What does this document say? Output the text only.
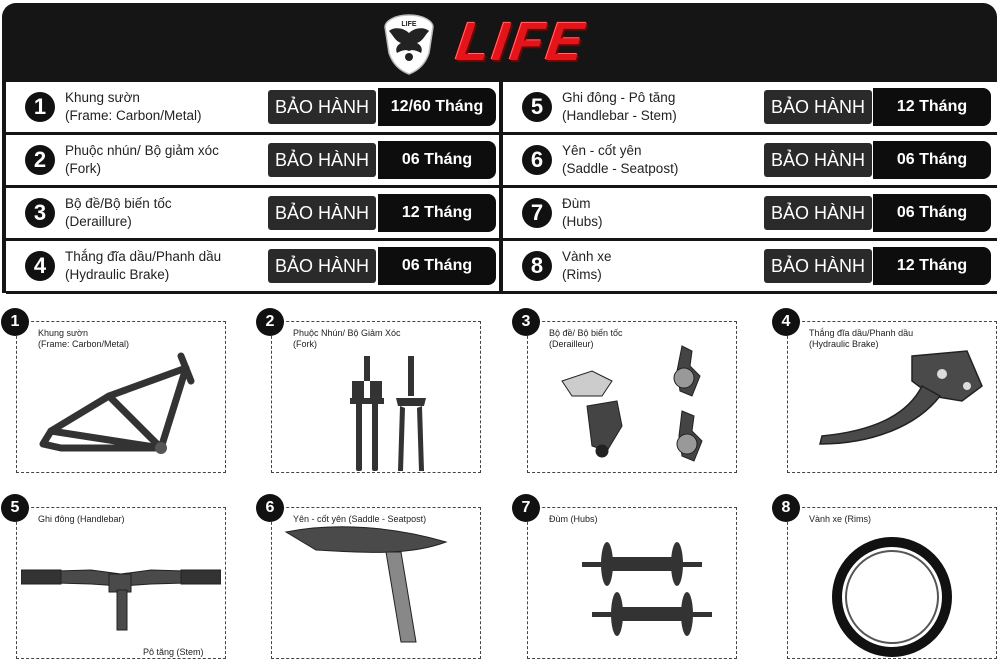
LIFE LIFE
1	Khung sườn
(Frame: Carbon/Metal)	BẢO HÀNH	12/60 Tháng
2	Phuộc nhún/ Bộ giảm xóc
(Fork)	BẢO HÀNH	06 Tháng
3	Bộ đề/Bộ biến tốc
(Deraillure)	BẢO HÀNH	12 Tháng
4	Thắng đĩa dầu/Phanh dầu
(Hydraulic Brake)	BẢO HÀNH	06 Tháng
5	Ghi đông - Pô tăng
(Handlebar - Stem)	BẢO HÀNH	12 Tháng
6	Yên - cốt yên
(Saddle - Seatpost)	BẢO HÀNH	06 Tháng
7	Đùm
(Hubs)	BẢO HÀNH	06 Tháng
8	Vành xe
(Rims)	BẢO HÀNH	12 Tháng
1
Khung sườn
(Frame: Carbon/Metal)
2
Phuộc Nhún/ Bộ Giảm Xóc
(Fork)
3
Bộ đề/ Bộ biến tốc
(Derailleur)
4
Thắng đĩa dầu/Phanh dầu
(Hydraulic Brake)
5
Ghi đông (Handlebar)
Pô tăng (Stem)
6
Yên - cốt yên (Saddle - Seatpost)
7
Đùm (Hubs)
8
Vành xe (Rims)
